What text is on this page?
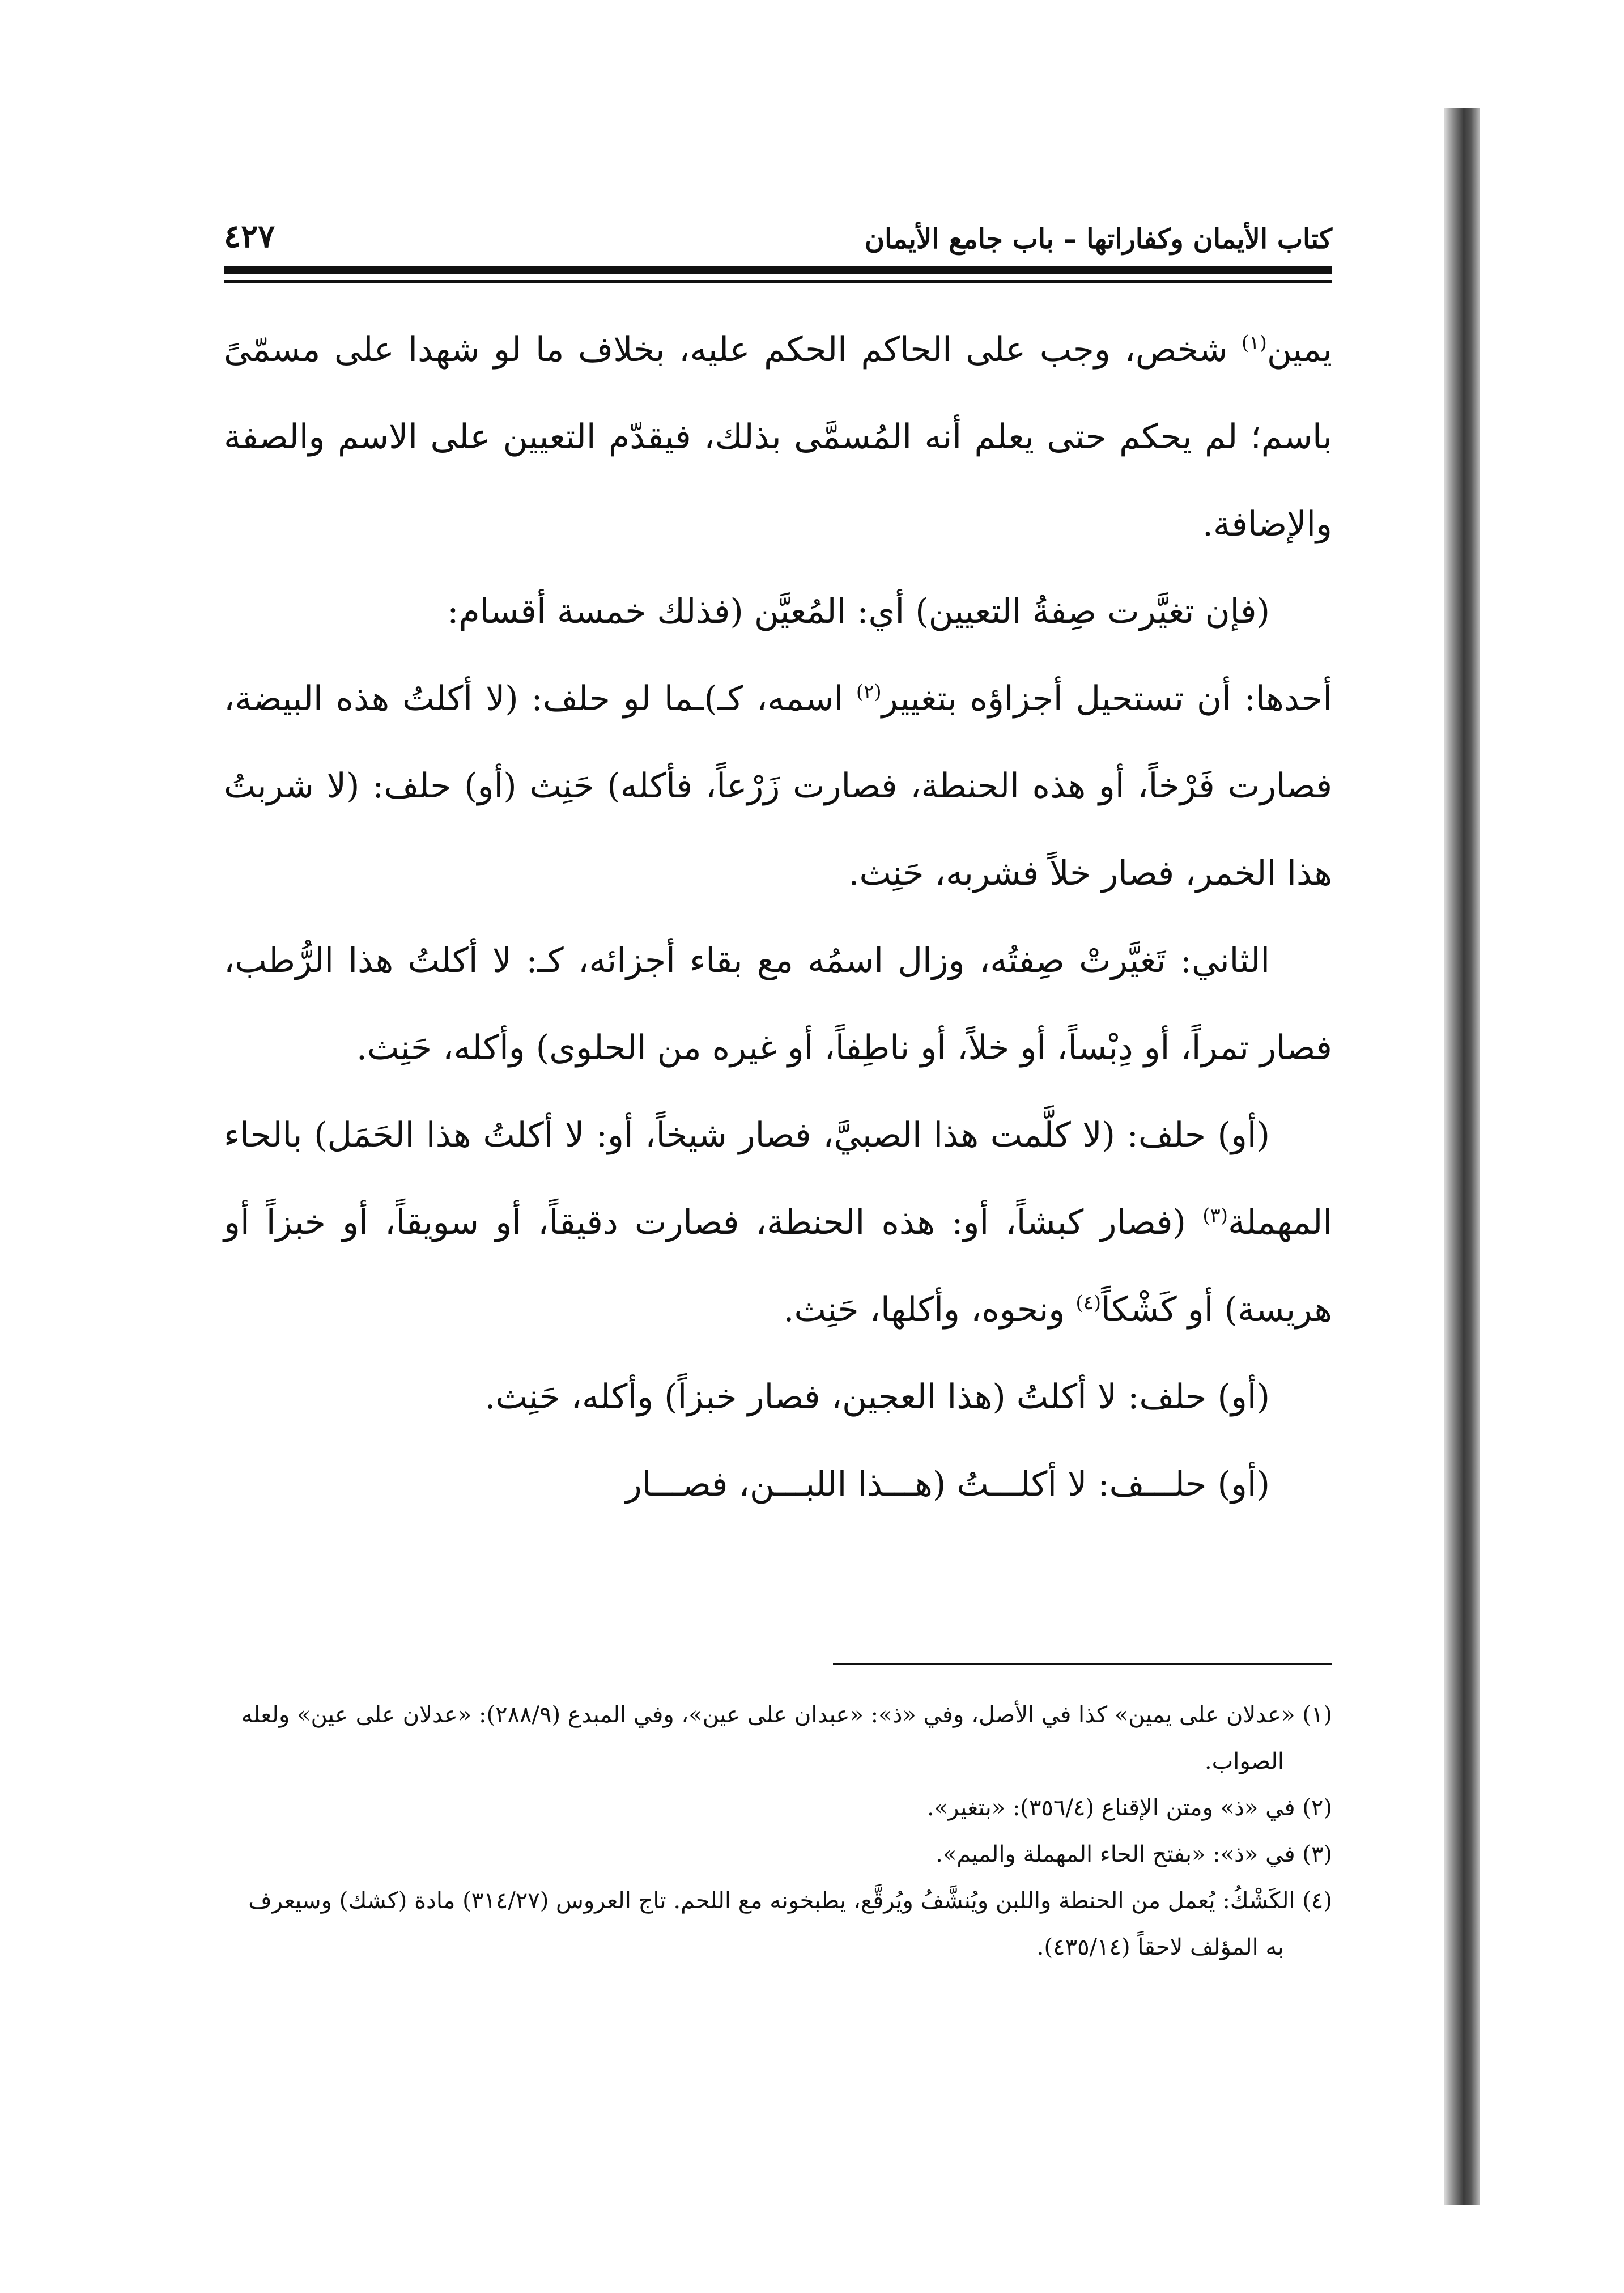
كتاب الأيمان وكفاراتها – باب جامع الأيمان
٤٢٧

يمين$^{(١)}$ شخص، وجب على الحاكم الحكم عليه، بخلاف ما لو شهدا على مسمّىً باسم؛ لم يحكم حتى يعلم أنه المُسمَّى بذلك، فيقدّم التعيين على الاسم والصفة والإضافة.

(فإن تغيَّرت صِفةُ التعيين) أي: المُعيَّن (فذلك خمسة أقسام:

أحدها: أن تستحيل أجزاؤه بتغيير$^{(٢)}$ اسمه، كـ)ـما لو حلف: (لا أكلتُ هذه البيضة، فصارت فَرْخاً، أو هذه الحنطة، فصارت زَرْعاً، فأكله) حَنِث (أو) حلف: (لا شربتُ هذا الخمر، فصار خلاً فشربه، حَنِث.

الثاني: تَغيَّرتْ صِفتُه، وزال اسمُه مع بقاء أجزائه، كـ: لا أكلتُ هذا الرُّطب، فصار تمراً، أو دِبْساً، أو خلاً، أو ناطِفاً، أو غيره من الحلوى) وأكله، حَنِث.

(أو) حلف: (لا كلَّمت هذا الصبيَّ، فصار شيخاً، أو: لا أكلتُ هذا الحَمَل) بالحاء المهملة$^{(٣)}$ (فصار كبشاً، أو: هذه الحنطة، فصارت دقيقاً، أو سويقاً، أو خبزاً أو هريسة) أو كَشْكاً$^{(٤)}$ ونحوه، وأكلها، حَنِث.

(أو) حلف: لا أكلتُ (هذا العجين، فصار خبزاً) وأكله، حَنِث.

(أو) حلـــف: لا أكلـــتُ (هـــذا اللبـــن، فصـــار

(١) «عدلان على يمين» كذا في الأصل، وفي «ذ»: «عبدان على عين»، وفي المبدع (٢٨٨/٩): «عدلان على عين» ولعله الصواب.

(٢) في «ذ» ومتن الإقناع (٣٥٦/٤): «بتغير».

(٣) في «ذ»: «بفتح الحاء المهملة والميم».

(٤) الكَشْكُ: يُعمل من الحنطة واللبن ويُنشَّفُ ويُرقَّع، يطبخونه مع اللحم. تاج العروس (٣١٤/٢٧) مادة (كشك) وسيعرف به المؤلف لاحقاً (٤٣٥/١٤).
